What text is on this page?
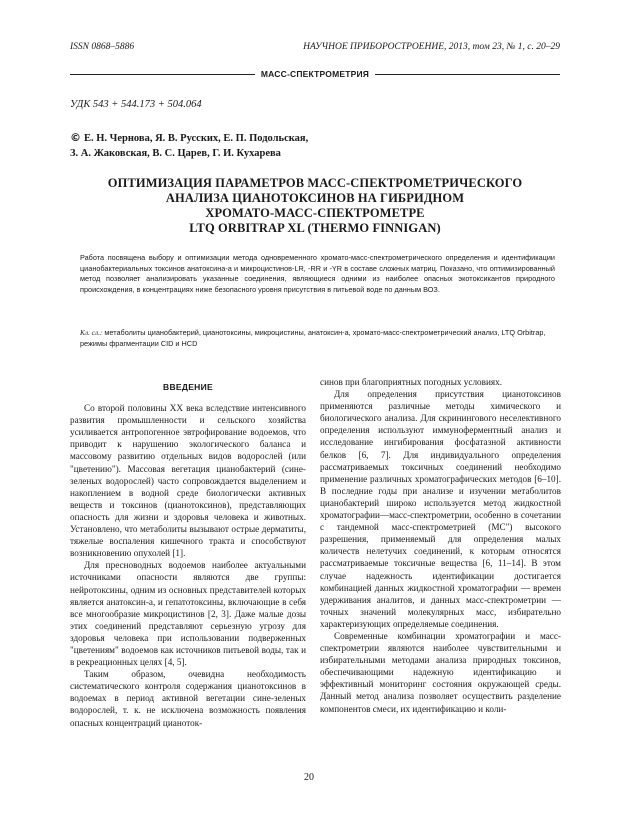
ISSN 0868–5886	НАУЧНОЕ ПРИБОРОСТРОЕНИЕ, 2013, том 23, № 1, c. 20–29
МАСС-СПЕКТРОМЕТРИЯ
УДК 543 + 544.173 + 504.064
© Е. Н. Чернова, Я. В. Русских, Е. П. Подольская,
З. А. Жаковская, В. С. Царев, Г. И. Кухарева
ОПТИМИЗАЦИЯ ПАРАМЕТРОВ МАСС-СПЕКТРОМЕТРИЧЕСКОГО
АНАЛИЗА ЦИАНОТОКСИНОВ НА ГИБРИДНОМ
ХРОМАТО-МАСС-СПЕКТРОМЕТРЕ
LTQ ORBITRAP XL (THERMO FINNIGAN)
Работа посвящена выбору и оптимизации метода одновременного хромато-масс-спектрометрического определения и идентификации цианобактериальных токсинов анатоксина-а и микроцистинов-LR, -RR и -YR в составе сложных матриц. Показано, что оптимизированный метод позволяет анализировать указанные соединения, являющиеся одними из наиболее опасных экотоксикантов природного происхождения, в концентрациях ниже безопасного уровня присутствия в питьевой воде по данным ВОЗ.
Кл. сл.: метаболиты цианобактерий, цианотоксины, микроцистины, анатоксин-а, хромато-масс-спектрометрический анализ, LTQ Orbitrap, режимы фрагментации CID и HCD
ВВЕДЕНИЕ

Со второй половины XX века вследствие интенсивного развития промышленности и сельского хозяйства усиливается антропогенное эвтрофирование водоемов, что приводит к нарушению экологического баланса и массовому развитию отдельных видов водорослей (или "цветению"). Массовая вегетация цианобактерий (сине-зеленых водорослей) часто сопровождается выделением и накоплением в водной среде биологически активных веществ и токсинов (цианотоксинов), представляющих опасность для жизни и здоровья человека и животных. Установлено, что метаболиты вызывают острые дерматиты, тяжелые воспаления кишечного тракта и способствуют возникновению опухолей [1].

Для пресноводных водоемов наиболее актуальными источниками опасности являются две группы: нейротоксины, одним из основных представителей которых является анатоксин-а, и гепатотоксины, включающие в себя все многообразие микроцистинов [2, 3]. Даже малые дозы этих соединений представляют серьезную угрозу для здоровья человека при использовании подверженных "цветениям" водоемов как источников питьевой воды, так и в рекреационных целях [4, 5].

Таким образом, очевидна необходимость систематического контроля содержания цианотоксинов в водоемах в период активной вегетации сине-зеленых водорослей, т. к. не исключена возможность появления опасных концентраций цианоток-

синов при благоприятных погодных условиях.

Для определения присутствия цианотоксинов применяются различные методы химического и биологического анализа. Для скринингового неселективного определения используют иммуноферментный анализ и исследование ингибирования фосфатазной активности белков [6, 7]. Для индивидуального определения рассматриваемых токсичных соединений необходимо применение различных хроматографических методов [6–10]. В последние годы при анализе и изучении метаболитов цианобактерий широко используется метод жидкостной хроматографии—масс-спектрометрии, особенно в сочетании с тандемной масс-спектрометрией (МС") высокого разрешения, применяемый для определения малых количеств нелетучих соединений, к которым относятся рассматриваемые токсичные вещества [6, 11–14]. В этом случае надежность идентификации достигается комбинацией данных жидкостной хроматографии — времен удерживания аналитов, и данных масс-спектрометрии — точных значений молекулярных масс, избирательно характеризующих определяемые соединения.

Современные комбинации хроматографии и масс-спектрометрии являются наиболее чувствительными и избирательными методами анализа природных токсинов, обеспечивающими надежную идентификацию и эффективный мониторинг состояния окружающей среды. Данный метод анализа позволяет осуществить разделение компонентов смеси, их идентификацию и коли-

20
